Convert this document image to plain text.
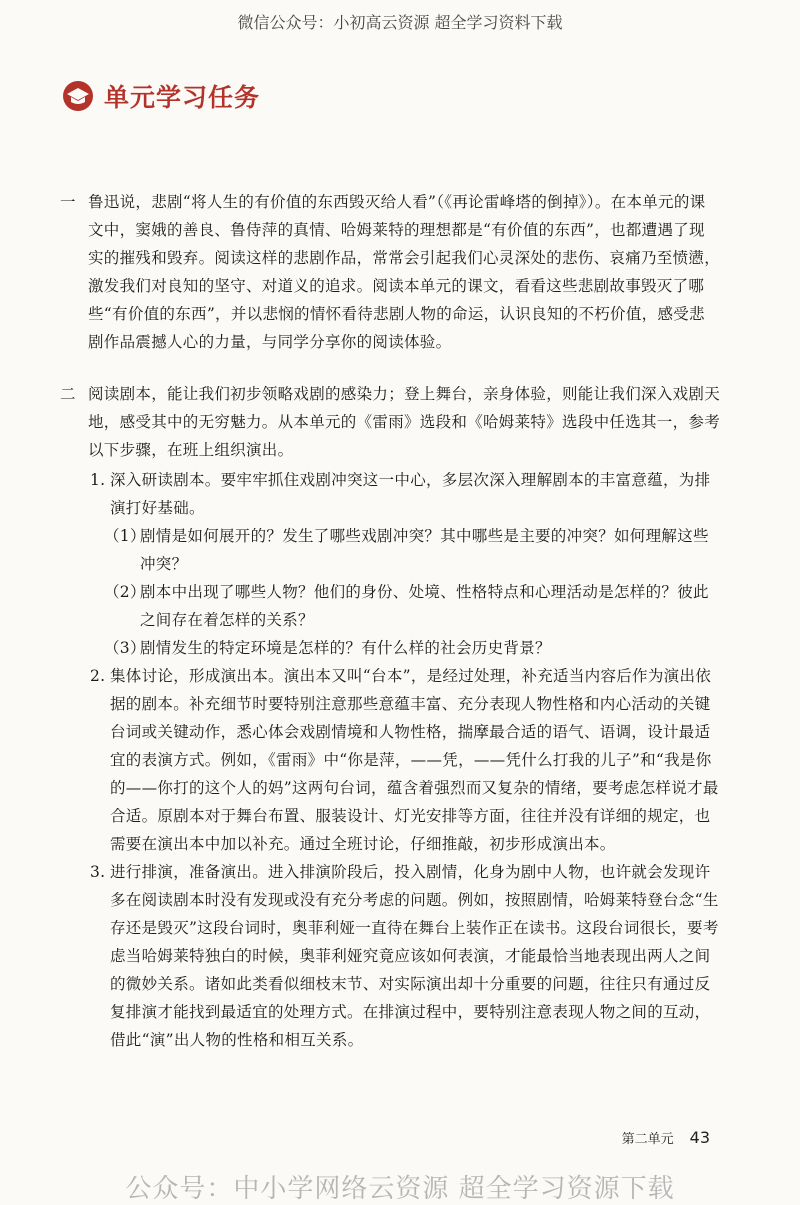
微信公众号：小初高云资源 超全学习资料下载
单元学习任务
一 鲁迅说，悲剧“将人生的有价值的东西毁灭给人看”（《再论雷峰塔的倒掉》）。在本单元的课文中，窦娥的善良、鲁侍萍的真情、哈姆莱特的理想都是“有价值的东西”，也都遭遇了现实的摧残和毁弃。阅读这样的悲剧作品，常常会引起我们心灵深处的悲伤、哀痛乃至愤懑，激发我们对良知的坚守、对道义的追求。阅读本单元的课文，看看这些悲剧故事毁灭了哪些“有价值的东西”，并以悲悯的情怀看待悲剧人物的命运，认识良知的不朽价值，感受悲剧作品震撼人心的力量，与同学分享你的阅读体验。
二 阅读剧本，能让我们初步领略戏剧的感染力；登上舞台，亲身体验，则能让我们深入戏剧天地，感受其中的无穷魅力。从本单元的《雷雨》选段和《哈姆莱特》选段中任选其一，参考以下步骤，在班上组织演出。
1. 深入研读剧本。要牢牢抓住戏剧冲突这一中心，多层次深入理解剧本的丰富意蕴，为排演打好基础。
（1）
剧情是如何展开的？发生了哪些戏剧冲突？其中哪些是主要的冲突？如何理解这些冲突？
（2）
剧本中出现了哪些人物？他们的身份、处境、性格特点和心理活动是怎样的？彼此之间存在着怎样的关系？
（3）
剧情发生的特定环境是怎样的？有什么样的社会历史背景？
2. 集体讨论，形成演出本。演出本又叫“台本”，是经过处理，补充适当内容后作为演出依据的剧本。补充细节时要特别注意那些意蕴丰富、充分表现人物性格和内心活动的关键台词或关键动作，悉心体会戏剧情境和人物性格，揣摩最合适的语气、语调，设计最适宜的表演方式。例如，《雷雨》中“你是萍，——凭，——凭什么打我的儿子”和“我是你的——你打的这个人的妈”这两句台词，蕴含着强烈而又复杂的情绪，要考虑怎样说才最合适。原剧本对于舞台布置、服装设计、灯光安排等方面，往往并没有详细的规定，也需要在演出本中加以补充。通过全班讨论，仔细推敲，初步形成演出本。
3. 进行排演，准备演出。进入排演阶段后，投入剧情，化身为剧中人物，也许就会发现许多在阅读剧本时没有发现或没有充分考虑的问题。例如，按照剧情，哈姆莱特登台念“生存还是毁灭”这段台词时，奥菲利娅一直待在舞台上装作正在读书。这段台词很长，要考虑当哈姆莱特独白的时候，奥菲利娅究竟应该如何表演，才能最恰当地表现出两人之间的微妙关系。诸如此类看似细枝末节、对实际演出却十分重要的问题，往往只有通过反复排演才能找到最适宜的处理方式。在排演过程中，要特别注意表现人物之间的互动，借此“演”出人物的性格和相互关系。
第二单元 43
公众号：中小学网络云资源 超全学习资源下载
